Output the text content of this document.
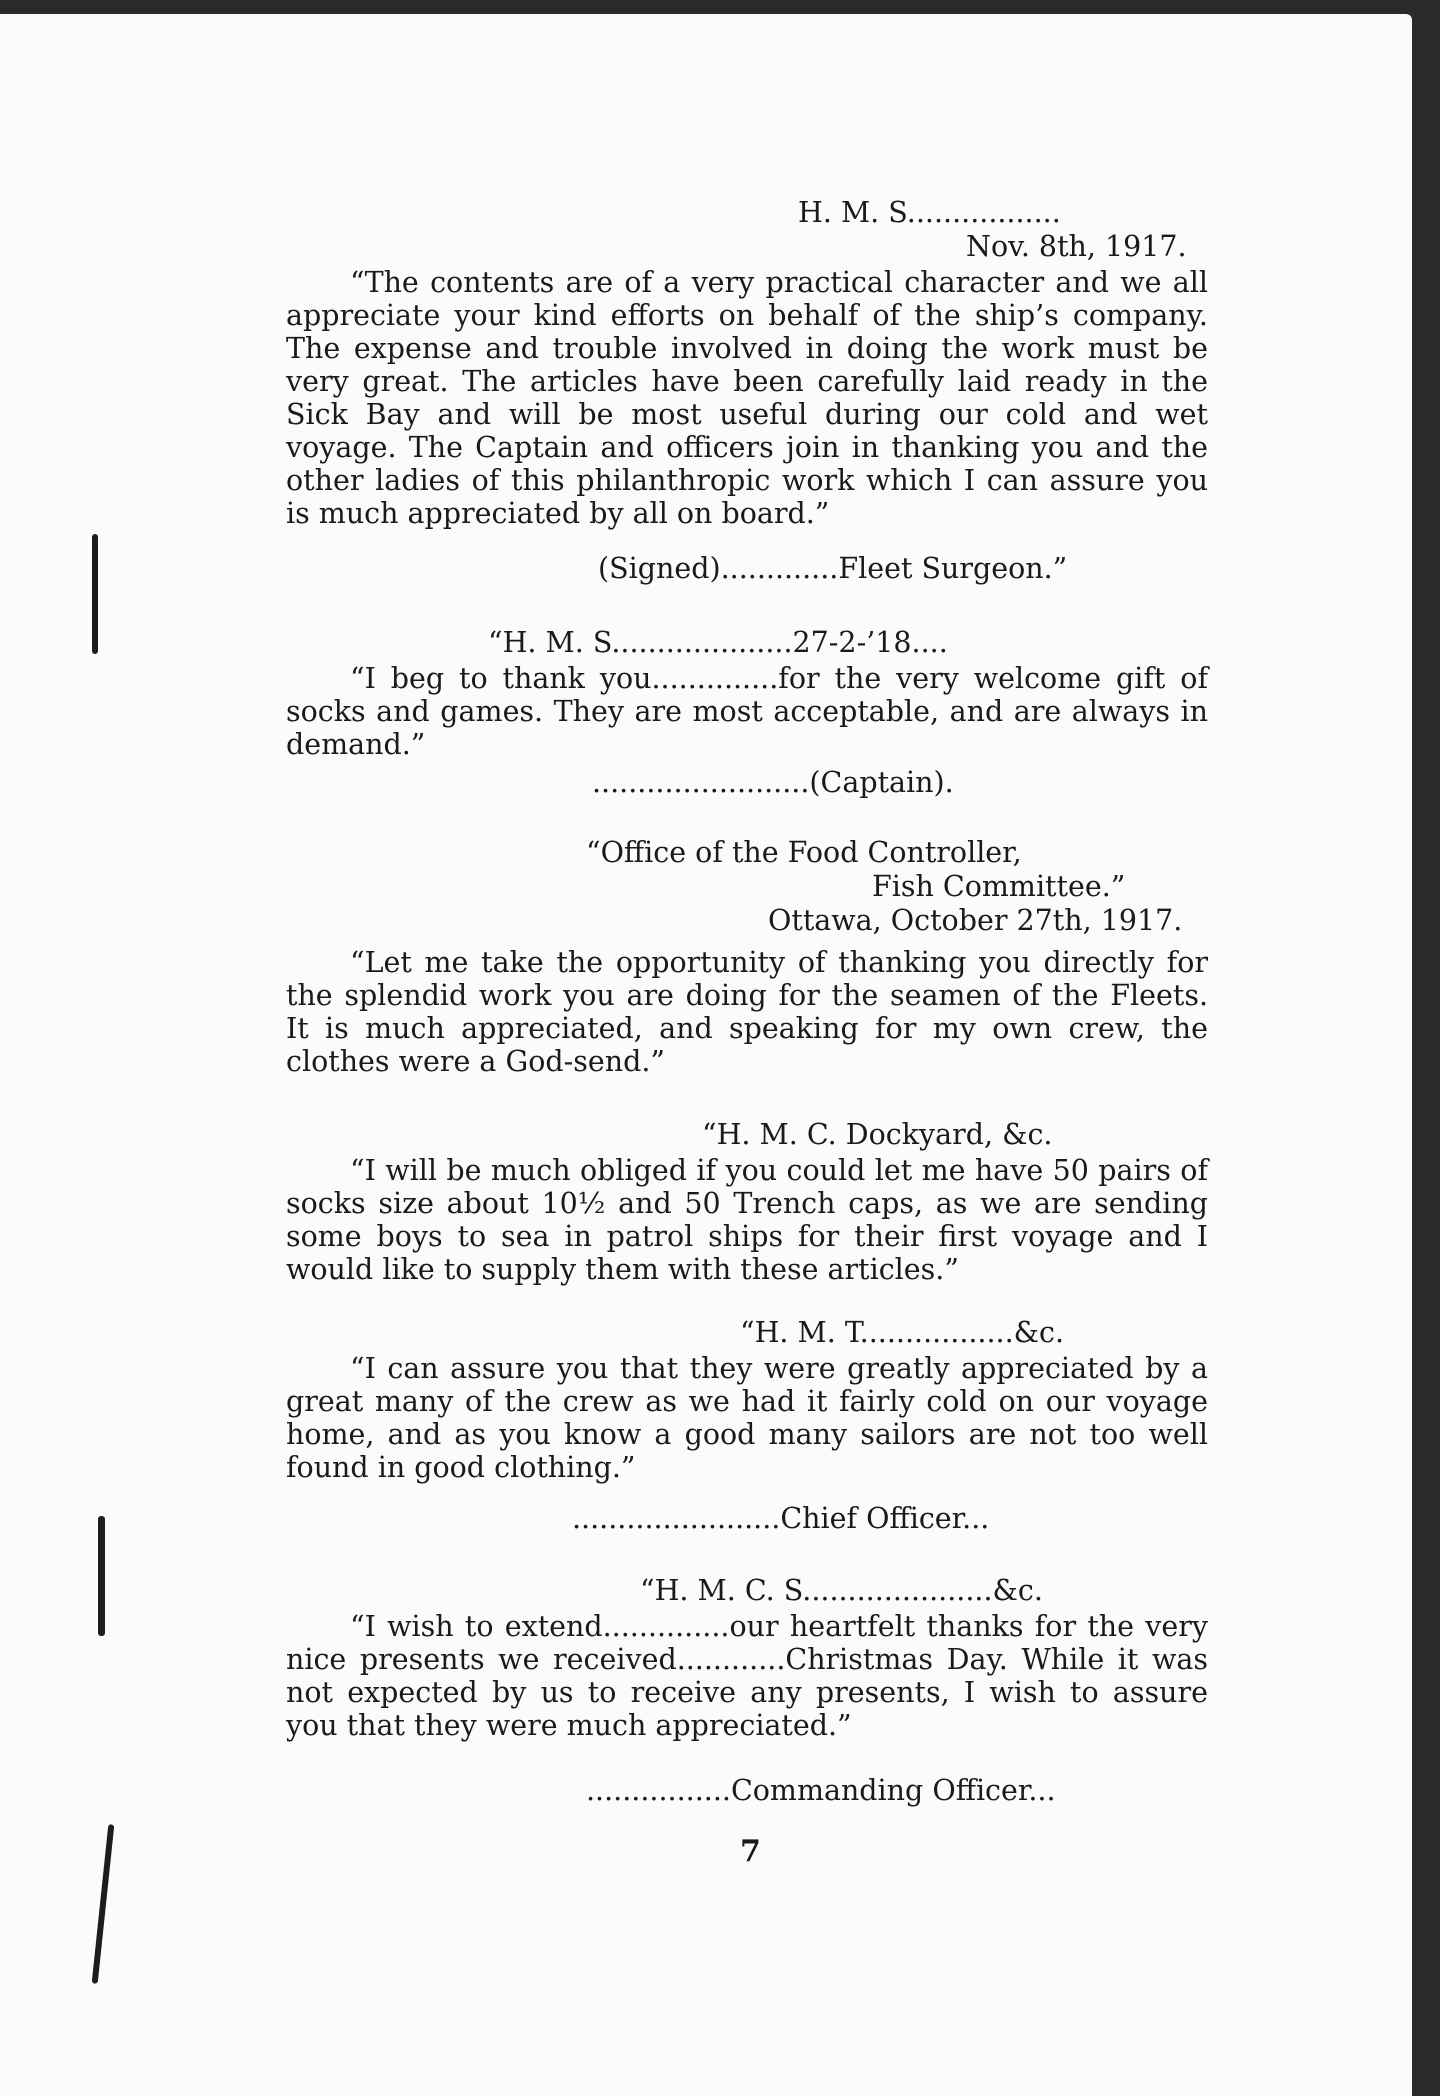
H. M. S.................
Nov. 8th, 1917.
“The contents are of a very practical character and we all appreciate your kind efforts on behalf of the ship’s company. The expense and trouble involved in doing the work must be very great. The articles have been carefully laid ready in the Sick Bay and will be most useful during our cold and wet voyage. The Captain and officers join in thanking you and the other ladies of this philanthropic work which I can assure you is much appreciated by all on board.”
(Signed).............Fleet Surgeon.”
“H. M. S....................27-2-’18....
“I beg to thank you..............for the very welcome gift of socks and games. They are most acceptable, and are always in demand.”
........................(Captain).
“Office of the Food Controller,
Fish Committee.”
Ottawa, October 27th, 1917.
“Let me take the opportunity of thanking you directly for the splendid work you are doing for the seamen of the Fleets. It is much appreciated, and speaking for my own crew, the clothes were a God-send.”
“H. M. C. Dockyard, &c.
“I will be much obliged if you could let me have 50 pairs of socks size about 10½ and 50 Trench caps, as we are sending some boys to sea in patrol ships for their first voyage and I would like to supply them with these articles.”
“H. M. T.................&c.
“I can assure you that they were greatly appreciated by a great many of the crew as we had it fairly cold on our voyage home, and as you know a good many sailors are not too well found in good clothing.”
.......................Chief Officer...
“H. M. C. S.....................&c.
“I wish to extend..............our heartfelt thanks for the very nice presents we received............Christmas Day. While it was not expected by us to receive any presents, I wish to assure you that they were much appreciated.”
................Commanding Officer...
7
